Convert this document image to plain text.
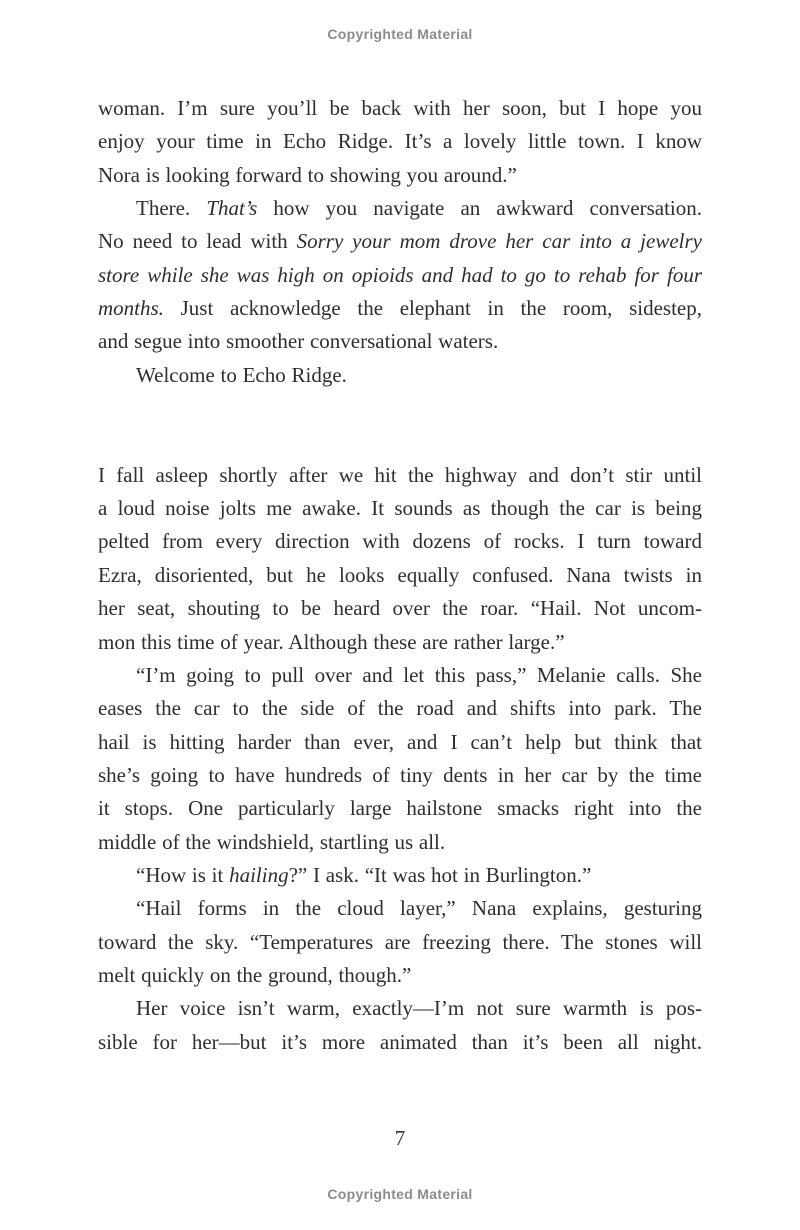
Copyrighted Material
woman. I’m sure you’ll be back with her soon, but I hope you
enjoy your time in Echo Ridge. It’s a lovely little town. I know
Nora is looking forward to showing you around.”
There. That’s how you navigate an awkward conversation.
No need to lead with Sorry your mom drove her car into a jewelry
store while she was high on opioids and had to go to rehab for four
months. Just acknowledge the elephant in the room, sidestep,
and segue into smoother conversational waters.
Welcome to Echo Ridge.
I fall asleep shortly after we hit the highway and don’t stir until
a loud noise jolts me awake. It sounds as though the car is being
pelted from every direction with dozens of rocks. I turn toward
Ezra, disoriented, but he looks equally confused. Nana twists in
her seat, shouting to be heard over the roar. “Hail. Not uncom-
mon this time of year. Although these are rather large.”
“I’m going to pull over and let this pass,” Melanie calls. She
eases the car to the side of the road and shifts into park. The
hail is hitting harder than ever, and I can’t help but think that
she’s going to have hundreds of tiny dents in her car by the time
it stops. One particularly large hailstone smacks right into the
middle of the windshield, startling us all.
“How is it hailing?” I ask. “It was hot in Burlington.”
“Hail forms in the cloud layer,” Nana explains, gesturing
toward the sky. “Temperatures are freezing there. The stones will
melt quickly on the ground, though.”
Her voice isn’t warm, exactly—I’m not sure warmth is pos-
sible for her—but it’s more animated than it’s been all night.
7
Copyrighted Material
